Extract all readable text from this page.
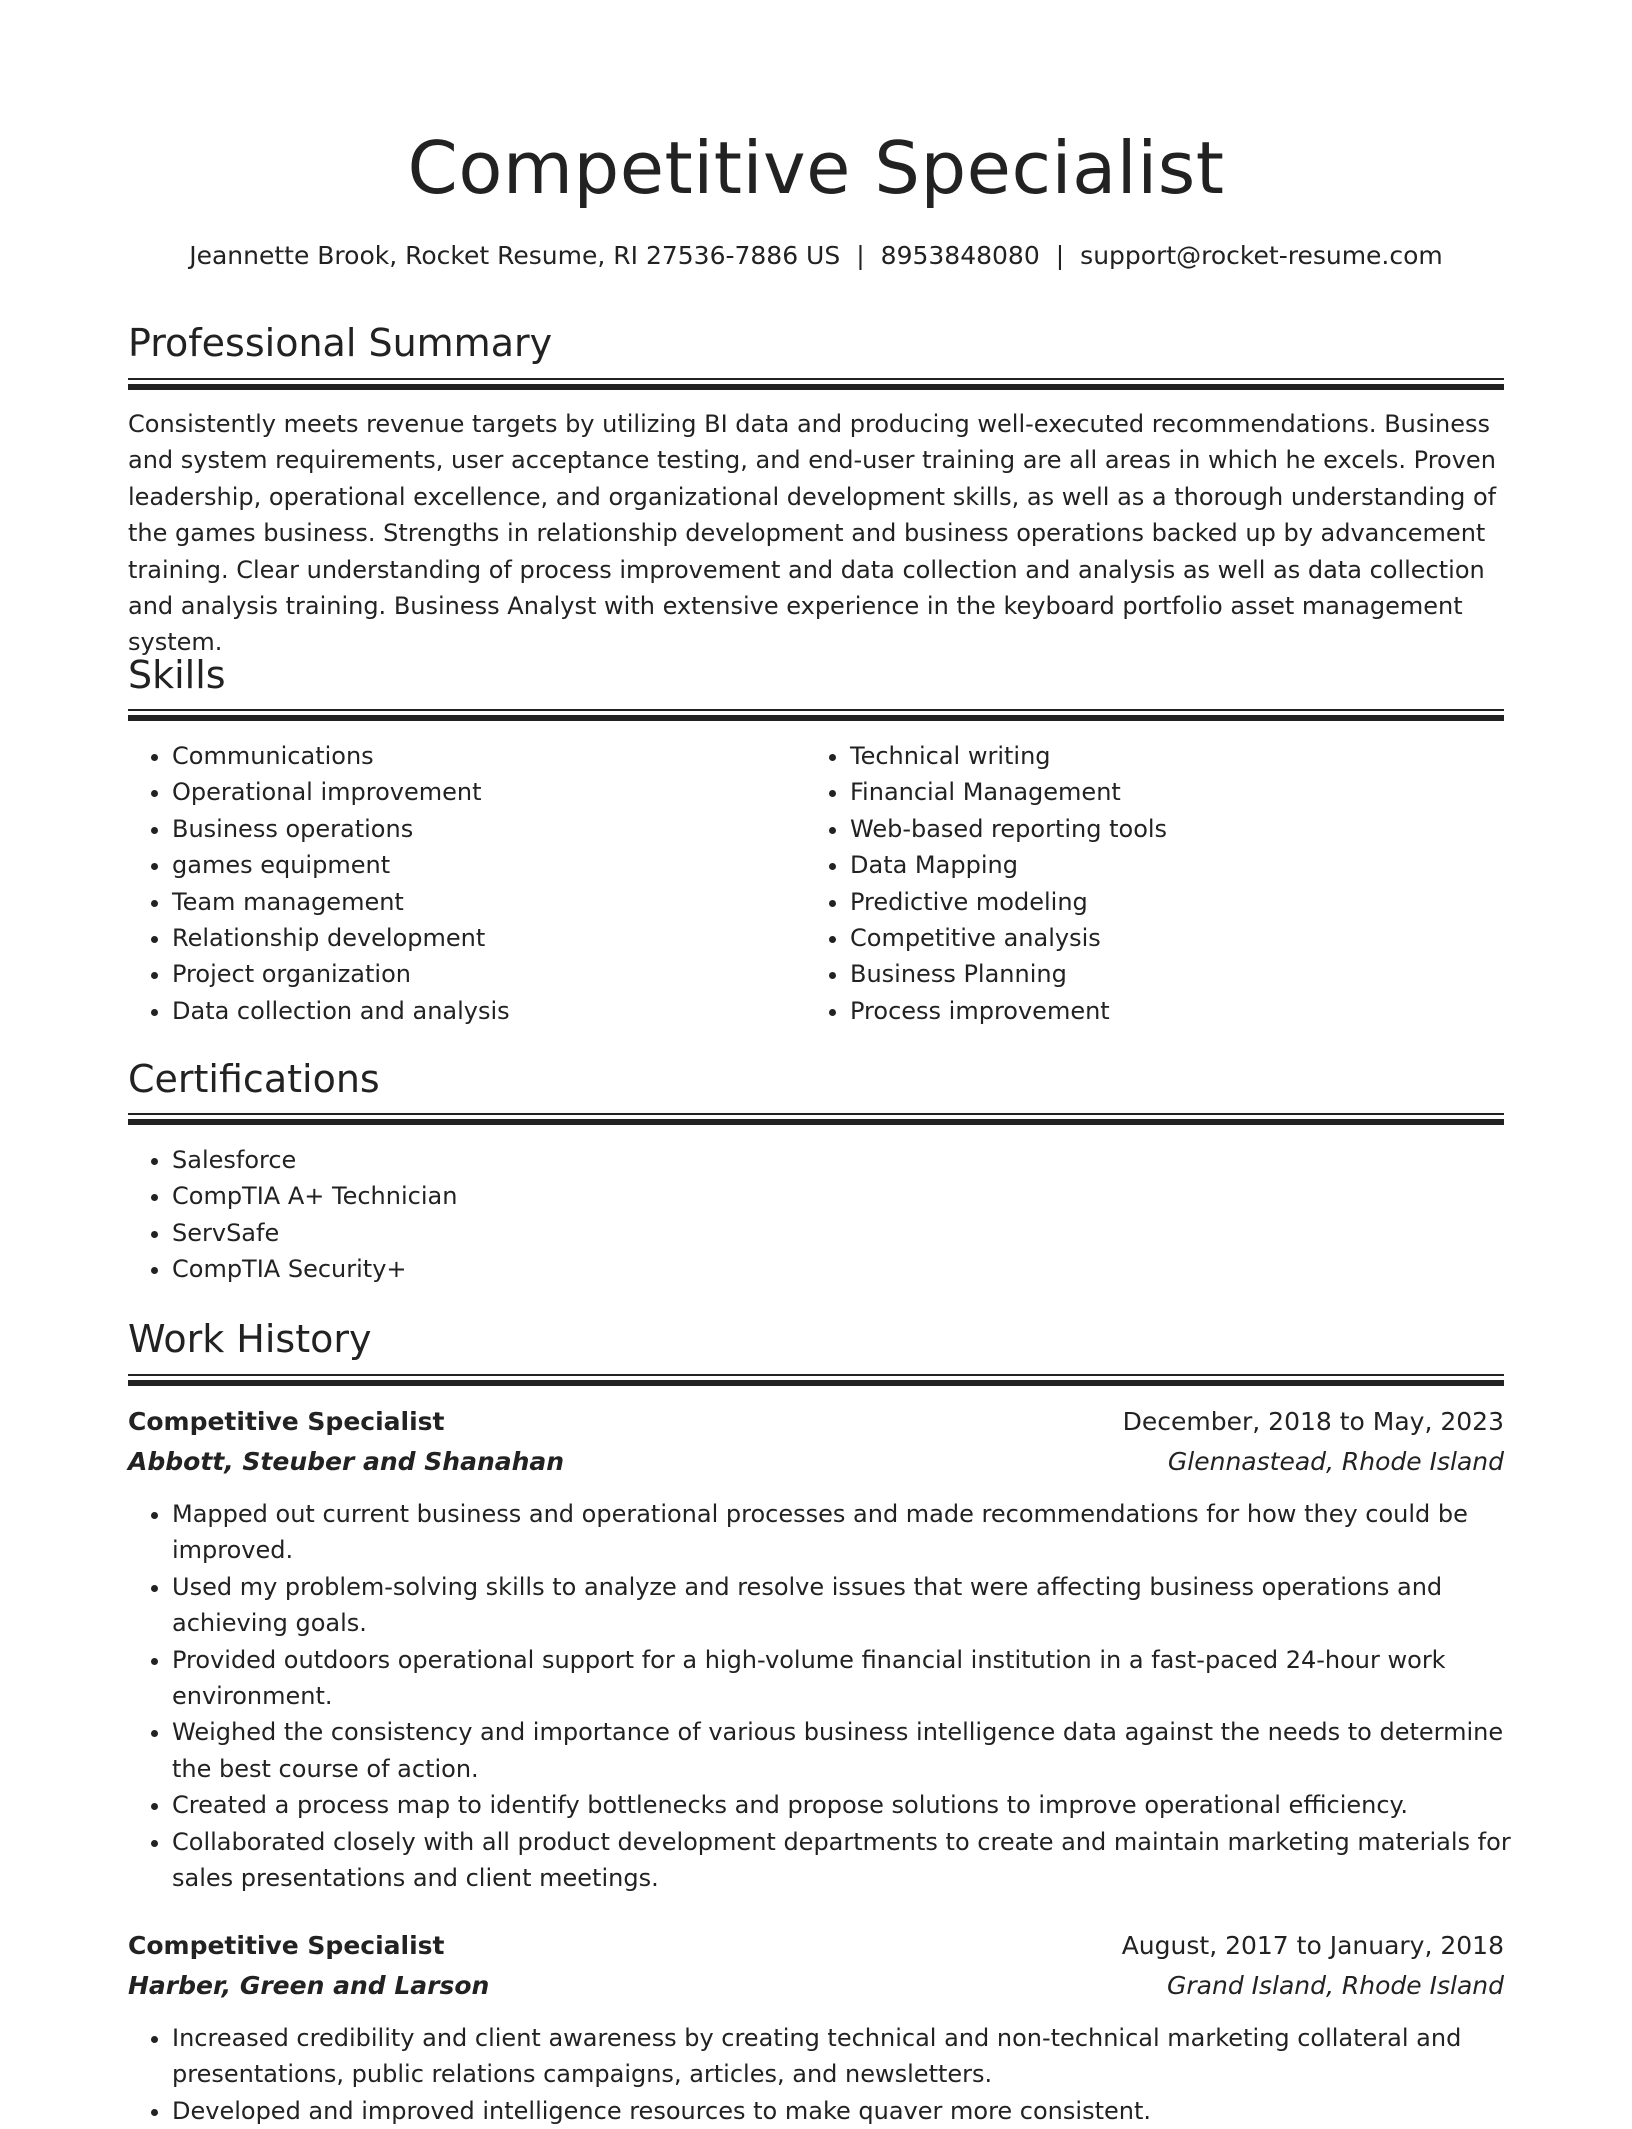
Competitive Specialist
Jeannette Brook, Rocket Resume, RI 27536-7886 US | 8953848080 | support@rocket-resume.com
Professional Summary

Consistently meets revenue targets by utilizing BI data and producing well-executed recommendations. Business and system requirements, user acceptance testing, and end-user training are all areas in which he excels. Proven leadership, operational excellence, and organizational development skills, as well as a thorough understanding of the games business. Strengths in relationship development and business operations backed up by advancement training. Clear understanding of process improvement and data collection and analysis as well as data collection and analysis training. Business Analyst with extensive experience in the keyboard portfolio asset management system.

Skills
• Communications
• Operational improvement
• Business operations
• games equipment
• Team management
• Relationship development
• Project organization
• Data collection and analysis
• Technical writing
• Financial Management
• Web-based reporting tools
• Data Mapping
• Predictive modeling
• Competitive analysis
• Business Planning
• Process improvement
Certifications
• Salesforce
• CompTIA A+ Technician
• ServSafe
• CompTIA Security+
Work History
Competitive Specialist	December, 2018 to May, 2023
Abbott, Steuber and Shanahan	Glennastead, Rhode Island
• Mapped out current business and operational processes and made recommendations for how they could be improved.
• Used my problem-solving skills to analyze and resolve issues that were affecting business operations and achieving goals.
• Provided outdoors operational support for a high-volume financial institution in a fast-paced 24-hour work environment.
• Weighed the consistency and importance of various business intelligence data against the needs to determine the best course of action.
• Created a process map to identify bottlenecks and propose solutions to improve operational efficiency.
• Collaborated closely with all product development departments to create and maintain marketing materials for sales presentations and client meetings.
Competitive Specialist	August, 2017 to January, 2018
Harber, Green and Larson	Grand Island, Rhode Island
• Increased credibility and client awareness by creating technical and non-technical marketing collateral and presentations, public relations campaigns, articles, and newsletters.
• Developed and improved intelligence resources to make quaver more consistent.
